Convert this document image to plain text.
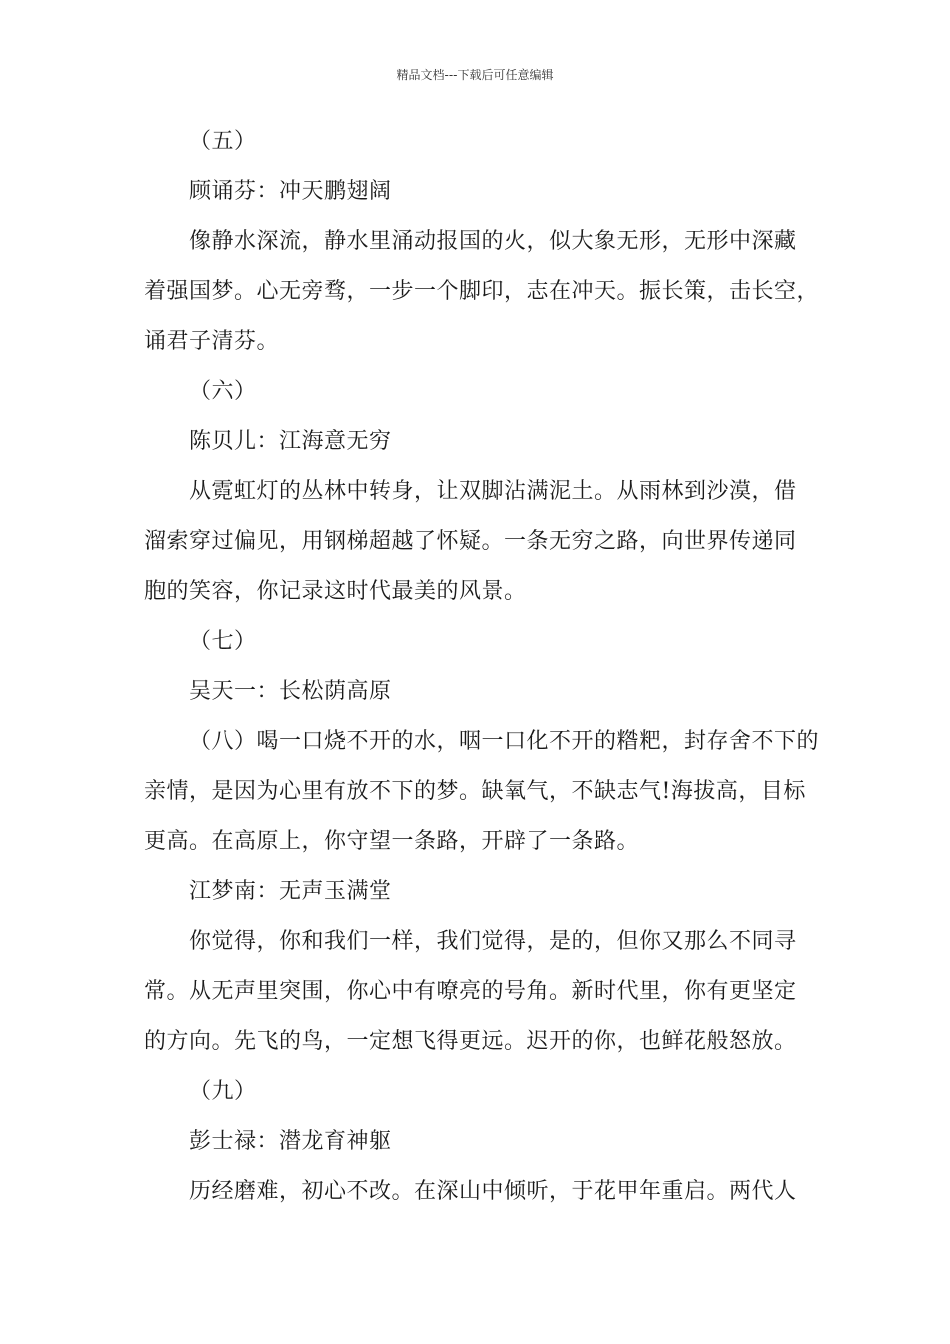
精品文档---下载后可任意编辑
（五）
顾诵芬：冲天鹏翅阔
像静水深流，静水里涌动报国的火，似大象无形，无形中深藏
着强国梦。心无旁骛，一步一个脚印，志在冲天。振长策，击长空，
诵君子清芬。
（六）
陈贝儿：江海意无穷
从霓虹灯的丛林中转身，让双脚沾满泥土。从雨林到沙漠，借
溜索穿过偏见，用钢梯超越了怀疑。一条无穷之路，向世界传递同
胞的笑容，你记录这时代最美的风景。
（七）
吴天一：长松荫高原
（八）喝一口烧不开的水，咽一口化不开的糌粑，封存舍不下的
亲情，是因为心里有放不下的梦。缺氧气，不缺志气!海拔高，目标
更高。在高原上，你守望一条路，开辟了一条路。
江梦南：无声玉满堂
你觉得，你和我们一样，我们觉得，是的，但你又那么不同寻
常。从无声里突围，你心中有嘹亮的号角。新时代里，你有更坚定
的方向。先飞的鸟，一定想飞得更远。迟开的你，也鲜花般怒放。
（九）
彭士禄：潜龙育神躯
历经磨难，初心不改。在深山中倾听，于花甲年重启。两代人
